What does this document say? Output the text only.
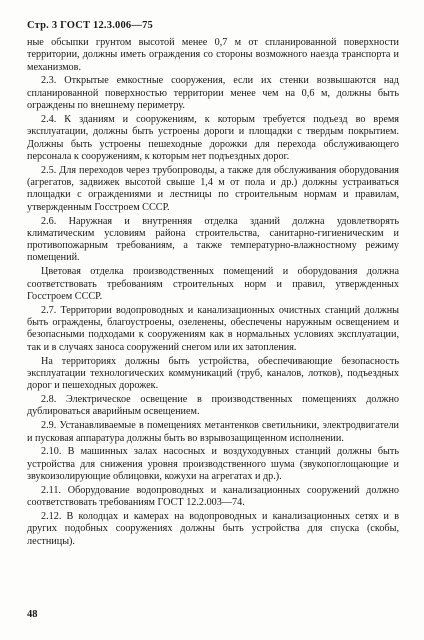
Стр. 3 ГОСТ 12.3.006—75

ные обсыпки грунтом высотой менее 0,7 м от спланированной поверхности территории, должны иметь ограждения со стороны возможного наезда транспорта и механизмов.

2.3. Открытые емкостные сооружения, если их стенки возвышаются над спланированной поверхностью территории менее чем на 0,6 м, должны быть ограждены по внешнему периметру.

2.4. К зданиям и сооружениям, к которым требуется подъезд во время эксплуатации, должны быть устроены дороги и площадки с твердым покрытием. Должны быть устроены пешеходные дорожки для перехода обслуживающего персонала к сооружениям, к которым нет подъездных дорог.

2.5. Для переходов через трубопроводы, а также для обслуживания оборудования (агрегатов, задвижек высотой свыше 1,4 м от пола и др.) должны устраиваться площадки с ограждениями и лестницы по строительным нормам и правилам, утвержденным Госстроем СССР.

2.6. Наружная и внутренняя отделка зданий должна удовлетворять климатическим условиям района строительства, санитарно-гигиеническим и противопожарным требованиям, а также температурно-влажностному режиму помещений.

Цветовая отделка производственных помещений и оборудования должна соответствовать требованиям строительных норм и правил, утвержденных Госстроем СССР.

2.7. Территории водопроводных и канализационных очистных станций должны быть ограждены, благоустроены, озеленены, обеспечены наружным освещением и безопасными подходами к сооружениям как в нормальных условиях эксплуатации, так и в случаях заноса сооружений снегом или их затопления.

На территориях должны быть устройства, обеспечивающие безопасность эксплуатации технологических коммуникаций (труб, каналов, лотков), подъездных дорог и пешеходных дорожек.

2.8. Электрическое освещение в производственных помещениях должно дублироваться аварийным освещением.

2.9. Устанавливаемые в помещениях метантенков светильники, электродвигатели и пусковая аппаратура должны быть во взрывозащищенном исполнении.

2.10. В машинных залах насосных и воздуходувных станций должны быть устройства для снижения уровня производственного шума (звукопоглощающие и звукоизолирующие облицовки, кожухи на агрегатах и др.).

2.11. Оборудование водопроводных и канализационных сооружений должно соответствовать требованиям ГОСТ 12.2.003—74.

2.12. В колодцах и камерах на водопроводных и канализационных сетях и в других подобных сооружениях должны быть устройства для спуска (скобы, лестницы).

48
